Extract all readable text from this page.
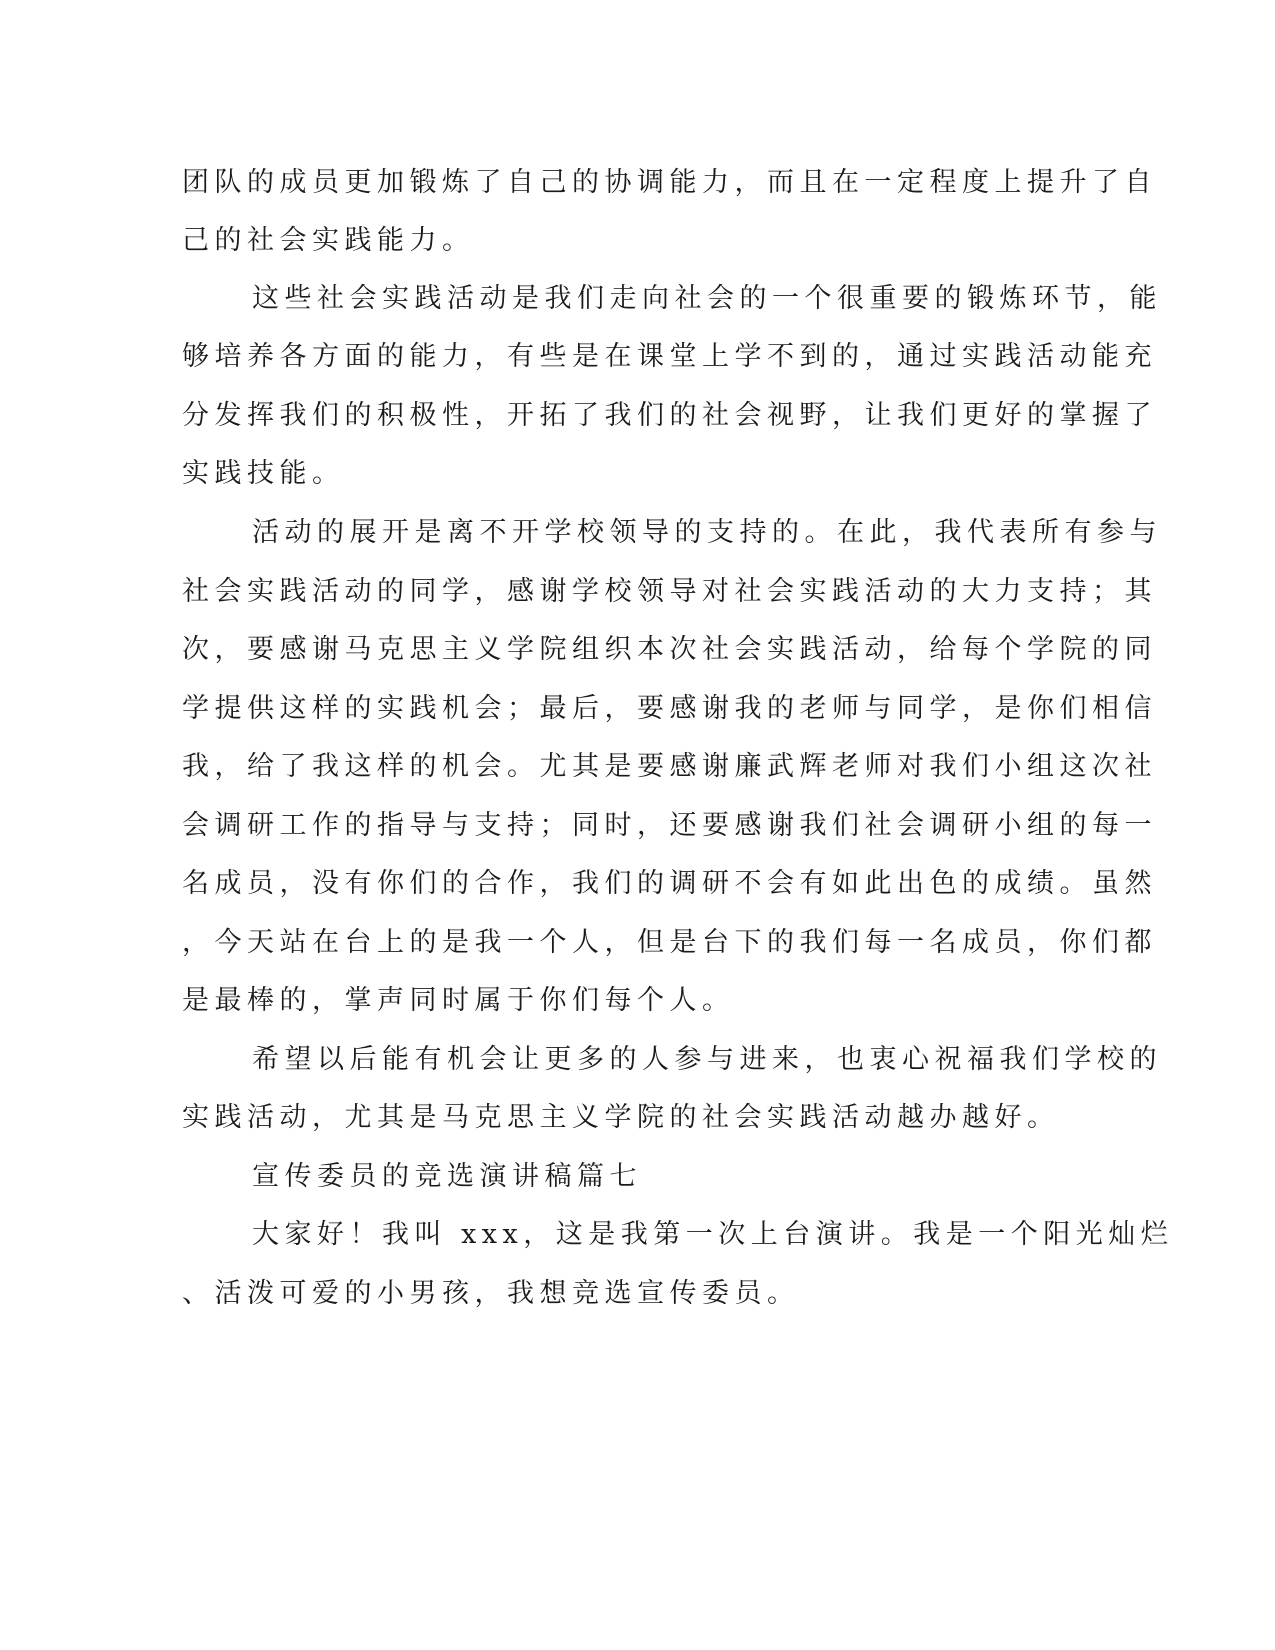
团队的成员更加锻炼了自己的协调能力，而且在一定程度上提升了自

己的社会实践能力。

这些社会实践活动是我们走向社会的一个很重要的锻炼环节，能

够培养各方面的能力，有些是在课堂上学不到的，通过实践活动能充

分发挥我们的积极性，开拓了我们的社会视野，让我们更好的掌握了

实践技能。

活动的展开是离不开学校领导的支持的。在此，我代表所有参与

社会实践活动的同学，感谢学校领导对社会实践活动的大力支持；其

次，要感谢马克思主义学院组织本次社会实践活动，给每个学院的同

学提供这样的实践机会；最后，要感谢我的老师与同学，是你们相信

我，给了我这样的机会。尤其是要感谢廉武辉老师对我们小组这次社

会调研工作的指导与支持；同时，还要感谢我们社会调研小组的每一

名成员，没有你们的合作，我们的调研不会有如此出色的成绩。虽然

，今天站在台上的是我一个人，但是台下的我们每一名成员，你们都

是最棒的，掌声同时属于你们每个人。

希望以后能有机会让更多的人参与进来，也衷心祝福我们学校的

实践活动，尤其是马克思主义学院的社会实践活动越办越好。

宣传委员的竞选演讲稿篇七

大家好！我叫 xxx，这是我第一次上台演讲。我是一个阳光灿烂

、活泼可爱的小男孩，我想竞选宣传委员。
